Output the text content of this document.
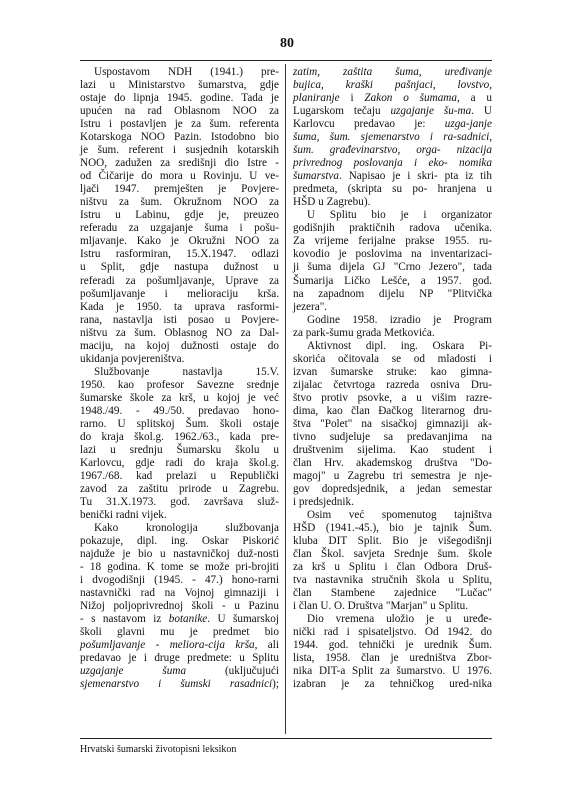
80
Uspostavom NDH (1941.) pre-
lazi u Ministarstvo šumarstva, gdje
ostaje do lipnja 1945. godine. Tada je
upućen na rad Oblasnom NOO za
Istru i postavljen je za šum. referenta
Kotarskoga NOO Pazin. Istodobno bio
je šum. referent i susjednih kotarskih
NOO, zadužen za središnji dio Istre -
od Čičarije do mora u Rovinju. U ve-
ljači 1947. premješten je Povjere-
ništvu za šum. Okružnom NOO za
Istru u Labinu, gdje je, preuzeo
referadu za uzgajanje šuma i pošu-
mljavanje. Kako je Okružni NOO za
Istru rasformiran, 15.X.1947. odlazi
u Split, gdje nastupa dužnost u
referadi za pošumljavanje, Uprave za
pošumljavanje i melioraciju krša.
Kada je 1950. ta uprava rasformi-
rana, nastavlja isti posao u Povjere-
ništvu za šum. Oblasnog NO za Dal-
maciju, na kojoj dužnosti ostaje do
ukidanja povjereništva.
Službovanje nastavlja 15.V.
1950. kao profesor Savezne srednje
šumarske škole za krš, u kojoj je već
1948./49. - 49./50. predavao hono-
rarno. U splitskoj Šum. školi ostaje
do kraja škol.g. 1962./63., kada pre-
lazi u srednju Šumarsku školu u
Karlovcu, gdje radi do kraja škol.g.
1967./68. kad prelazi u Republički
zavod za zaštitu prirode u Zagrebu.
Tu 31.X.1973. god. završava služ-
benički radni vijek.
Kako kronologija službovanja
pokazuje, dipl. ing. Oskar Piskorić
najduže je bio u nastavničkoj duž-nosti
- 18 godina. K tome se može pri-brojiti
i dvogodišnji (1945. - 47.) hono-rarni
nastavnički rad na Vojnoj gimnaziji i
Nižoj poljoprivrednoj školi - u Pazinu
- s nastavom iz botanike. U šumarskoj
školi glavni mu je predmet bio
pošumljavanje - meliora-cija krša, ali
predavao je i druge predmete: u Splitu
uzgajanje šuma (uključujući
sjemenarstvo i šumski rasadnici);
zatim, zaštita šuma, uređivanje
bujica, kraški pašnjaci, lovstvo,
planiranje i Zakon o šumama, a u
Lugarskom tečaju uzgajanje šu-ma. U
Karlovcu predavao je: uzga-janje
šuma, šum. sjemenarstvo i ra-sadnici,
šum. građevinarstvo, orga- nizacija
privrednog poslovanja i eko- nomika
šumarstva. Napisao je i skri- pta iz tih
predmeta, (skripta su po- hranjena u
HŠD u Zagrebu).
U Splitu bio je i organizator
godišnjih praktičnih radova učenika.
Za vrijeme ferijalne prakse 1955. ru-
kovodio je poslovima na inventarizaci-
ji šuma dijela GJ "Crno Jezero", tada
Šumarija Ličko Lešće, a 1957. god.
na zapadnom dijelu NP "Plitvička
jezera".
Godine 1958. izradio je Program
za park-šumu grada Metkovića.
Aktivnost dipl. ing. Oskara Pi-
skorića očitovala se od mladosti i
izvan šumarske struke: kao gimna-
zijalac četvrtoga razreda osniva Dru-
štvo protiv psovke, a u višim razre-
dima, kao član Đačkog literarnog dru-
štva "Polet" na sisačkoj gimnaziji ak-
tivno sudjeluje sa predavanjima na
društvenim sijelima. Kao student i
član Hrv. akademskog društva "Do-
magoj" u Zagrebu tri semestra je nje-
gov dopredsjednik, a jedan semestar
i predsjednik.
Osim već spomenutog tajništva
HŠD (1941.-45.), bio je tajnik Šum.
kluba DIT Split. Bio je višegodišnji
član Škol. savjeta Srednje šum. škole
za krš u Splitu i član Odbora Druš-
tva nastavnika stručnih škola u Splitu,
član Stambene zajednice "Lučac"
i član U. O. Društva "Marjan" u Splitu.
Dio vremena uložio je u uređe-
nički rad i spisateljstvo. Od 1942. do
1944. god. tehnički je urednik Šum.
lista, 1958. član je uredništva Zbor-
nika DIT-a Split za šumarstvo. U 1976.
izabran je za tehničkog ured-nika
Hrvatski šumarski životopisni leksikon
